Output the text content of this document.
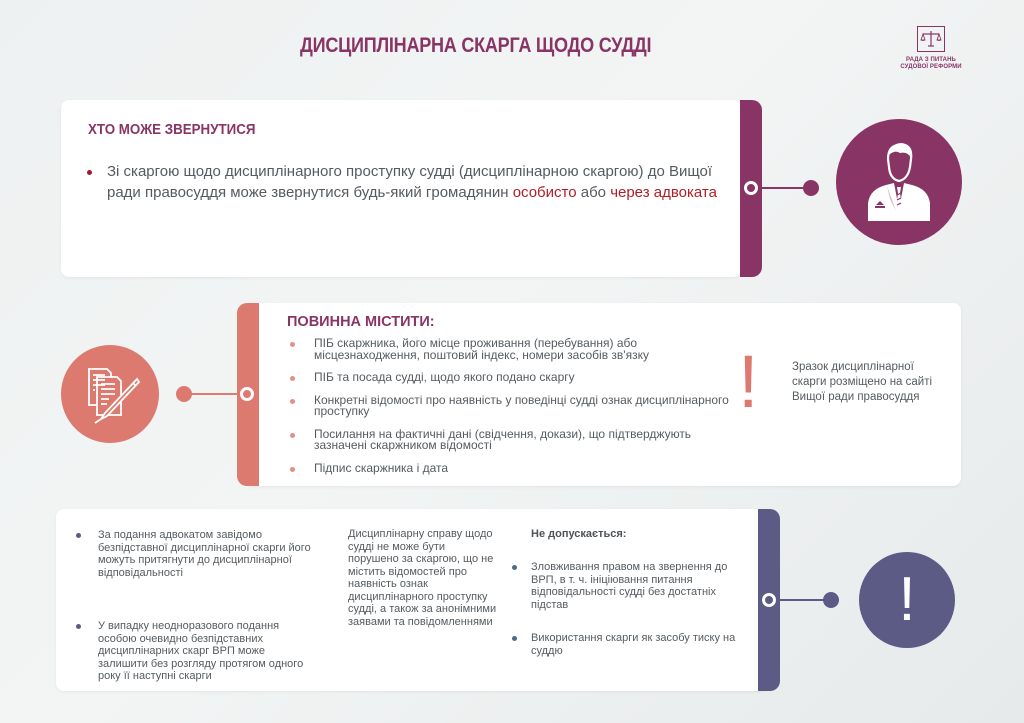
ДИСЦИПЛІНАРНА СКАРГА ЩОДО СУДДІ
РАДА З ПИТАНЬ
СУДОВОЇ РЕФОРМИ
ХТО МОЖЕ ЗВЕРНУТИСЯ
Зі скаргою щодо дисциплінарного проступку судді (дисциплінарною скаргою) до Вищої ради правосуддя може звернутися будь-який громадянин особисто або через адвоката
ПОВИННА МІСТИТИ:
ПІБ скаржника, його місце проживання (перебування) або місцезнаходження, поштовий індекс, номери засобів зв'язку
ПІБ та посада судді, щодо якого подано скаргу
Конкретні відомості про наявність у поведінці судді ознак дисциплінарного проступку
Посилання на фактичні дані (свідчення, докази), що підтверджують зазначені скаржником відомості
Підпис скаржника і дата
!	Зразок дисциплінарної скарги розміщено на сайті Вищої ради правосуддя
!
За подання адвокатом завідомо безпідставної дисциплінарної скарги його можуть притягнути до дисциплінарної відповідальності
У випадку неодноразового подання особою очевидно безпідставних дисциплінарних скарг ВРП може залишити без розгляду протягом одного року її наступні скарги
Дисциплінарну справу щодо судді не може бути порушено за скаргою, що не містить відомостей про наявність ознак дисциплінарного проступку судді, а також за анонімними заявами та повідомленнями
Не допускається:
Зловживання правом на звернення до ВРП, в т. ч. ініціювання питання відповідальності судді без достатніх підстав
Використання скарги як засобу тиску на суддю
